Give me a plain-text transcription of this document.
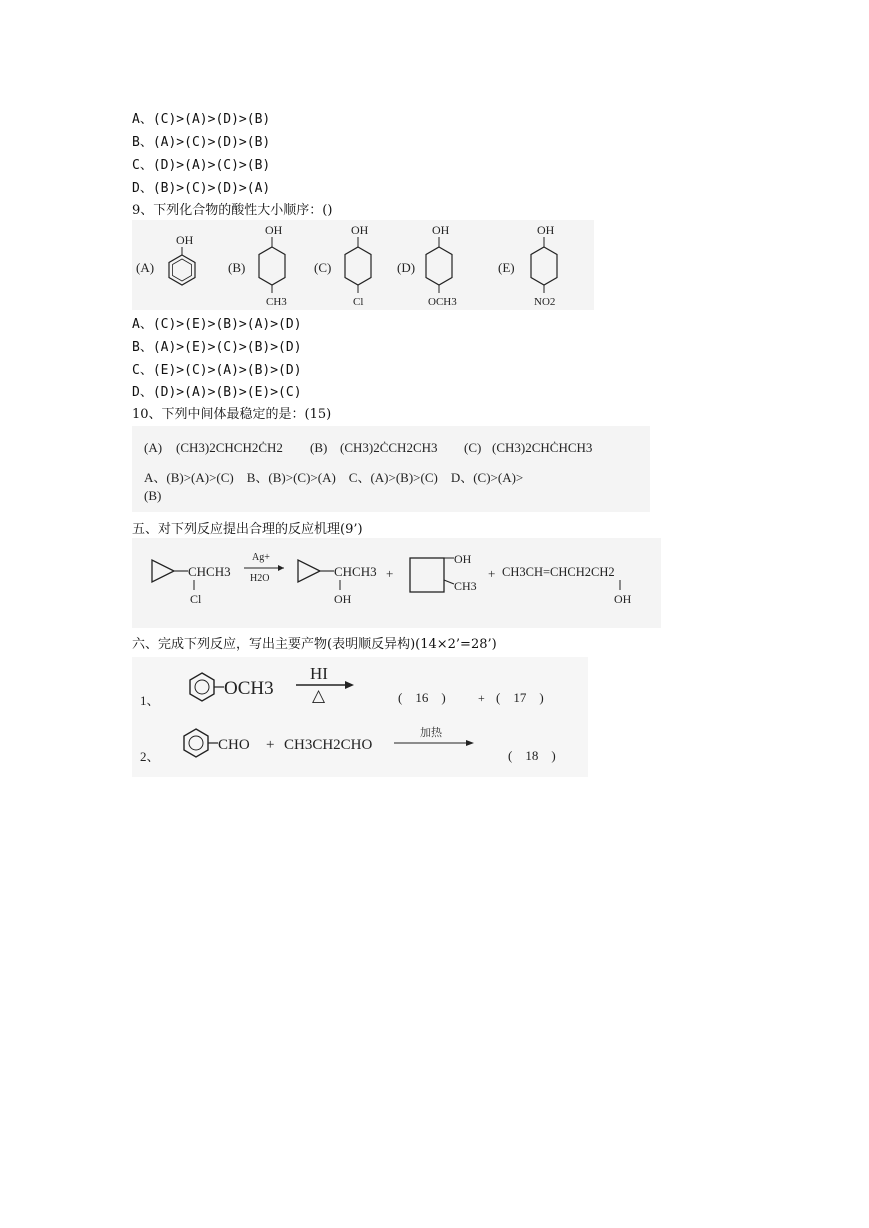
A、(C)>(A)>(D)>(B)
B、(A)>(C)>(D)>(B)
C、(D)>(A)>(C)>(B)
D、(B)>(C)>(D)>(A)
9、下列化合物的酸性大小顺序：()
(A)
OH
(B)
OH
CH3
(C)
OH
Cl
(D)
OH
OCH3
(E)
OH
NO2
A、(C)>(E)>(B)>(A)>(D)
B、(A)>(E)>(C)>(B)>(D)
C、(E)>(C)>(A)>(B)>(D)
D、(D)>(A)>(B)>(E)>(C)
10、下列中间体最稳定的是：(15)
(A) (CH3)2CHCH2ĊH2 (B) (CH3)2ĊCH2CH3 (C) (CH3)2CHĊHCH3
A、(B)>(A)>(C)    B、(B)>(C)>(A)    C、(A)>(B)>(C)    D、(C)>(A)>
(B)
五、对下列反应提出合理的反应机理(9’)
CHCH3
Cl
Ag+
H2O	CHCH3
OH
+
OH
CH3
+ CH3CH=CHCH2CH2
OH
六、完成下列反应，写出主要产物(表明顺反异构)(14×2’=28’)
1、
OCH3
HI
△	(    16    )	+ (    17    )
2、
CHO + CH3CH2CHO
加热
(    18    )
